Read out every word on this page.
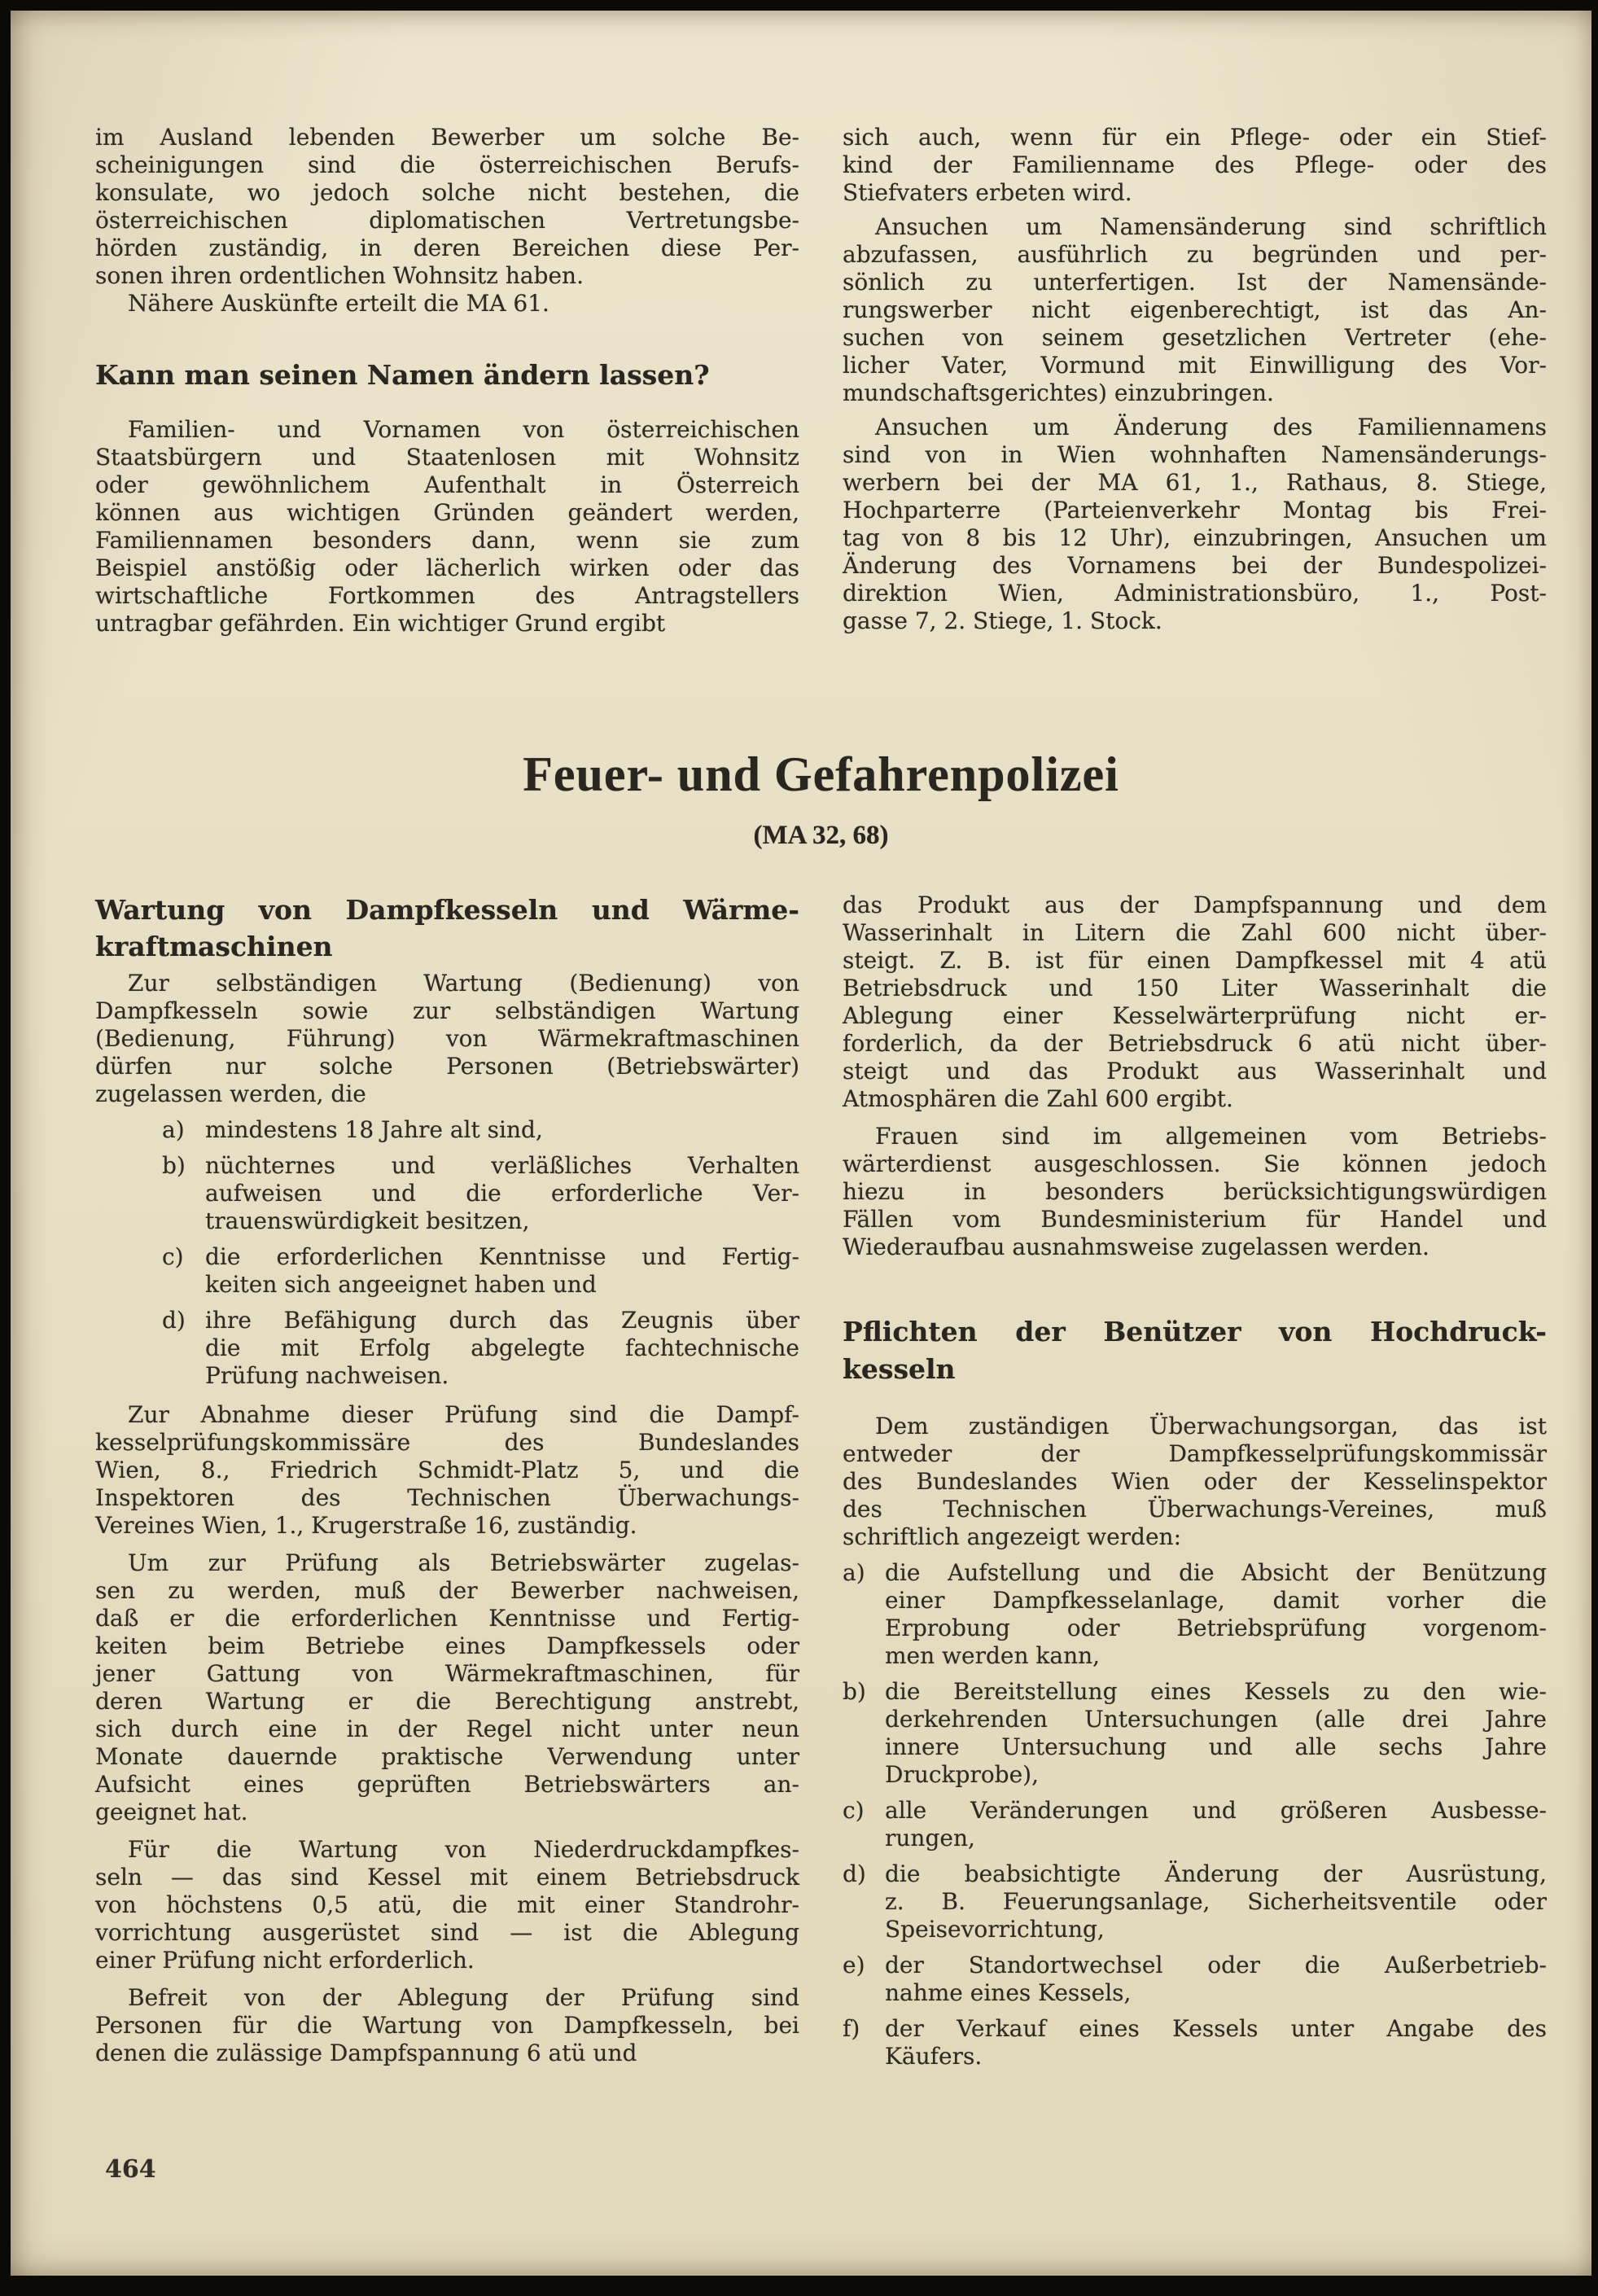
im Ausland lebenden Bewerber um solche Be-
scheinigungen sind die österreichischen Berufs-
konsulate, wo jedoch solche nicht bestehen, die
österreichischen diplomatischen Vertretungsbe-
hörden zuständig, in deren Bereichen diese Per-
sonen ihren ordentlichen Wohnsitz haben.
Nähere Auskünfte erteilt die MA 61.
Kann man seinen Namen ändern lassen?
Familien- und Vornamen von österreichischen
Staatsbürgern und Staatenlosen mit Wohnsitz
oder gewöhnlichem Aufenthalt in Österreich
können aus wichtigen Gründen geändert werden,
Familiennamen besonders dann, wenn sie zum
Beispiel anstößig oder lächerlich wirken oder das
wirtschaftliche Fortkommen des Antragstellers
untragbar gefährden. Ein wichtiger Grund ergibt
sich auch, wenn für ein Pflege- oder ein Stief-
kind der Familienname des Pflege- oder des
Stiefvaters erbeten wird.
Ansuchen um Namensänderung sind schriftlich
abzufassen, ausführlich zu begründen und per-
sönlich zu unterfertigen. Ist der Namensände-
rungswerber nicht eigenberechtigt, ist das An-
suchen von seinem gesetzlichen Vertreter (ehe-
licher Vater, Vormund mit Einwilligung des Vor-
mundschaftsgerichtes) einzubringen.
Ansuchen um Änderung des Familiennamens
sind von in Wien wohnhaften Namensänderungs-
werbern bei der MA 61, 1., Rathaus, 8. Stiege,
Hochparterre (Parteienverkehr Montag bis Frei-
tag von 8 bis 12 Uhr), einzubringen, Ansuchen um
Änderung des Vornamens bei der Bundespolizei-
direktion Wien, Administrationsbüro, 1., Post-
gasse 7, 2. Stiege, 1. Stock.
Feuer- und Gefahrenpolizei
(MA 32, 68)
Wartung von Dampfkesseln und Wärme-
kraftmaschinen
Zur selbständigen Wartung (Bedienung) von
Dampfkesseln sowie zur selbständigen Wartung
(Bedienung, Führung) von Wärmekraftmaschinen
dürfen nur solche Personen (Betriebswärter)
zugelassen werden, die
a) mindestens 18 Jahre alt sind,
b) nüchternes und verläßliches Verhalten
aufweisen und die erforderliche Ver-
trauenswürdigkeit besitzen,
c) die erforderlichen Kenntnisse und Fertig-
keiten sich angeeignet haben und
d) ihre Befähigung durch das Zeugnis über
die mit Erfolg abgelegte fachtechnische
Prüfung nachweisen.
Zur Abnahme dieser Prüfung sind die Dampf-
kesselprüfungskommissäre des Bundeslandes
Wien, 8., Friedrich Schmidt-Platz 5, und die
Inspektoren des Technischen Überwachungs-
Vereines Wien, 1., Krugerstraße 16, zuständig.
Um zur Prüfung als Betriebswärter zugelas-
sen zu werden, muß der Bewerber nachweisen,
daß er die erforderlichen Kenntnisse und Fertig-
keiten beim Betriebe eines Dampfkessels oder
jener Gattung von Wärmekraftmaschinen, für
deren Wartung er die Berechtigung anstrebt,
sich durch eine in der Regel nicht unter neun
Monate dauernde praktische Verwendung unter
Aufsicht eines geprüften Betriebswärters an-
geeignet hat.
Für die Wartung von Niederdruckdampfkes-
seln — das sind Kessel mit einem Betriebsdruck
von höchstens 0,5 atü, die mit einer Standrohr-
vorrichtung ausgerüstet sind — ist die Ablegung
einer Prüfung nicht erforderlich.
Befreit von der Ablegung der Prüfung sind
Personen für die Wartung von Dampfkesseln, bei
denen die zulässige Dampfspannung 6 atü und
das Produkt aus der Dampfspannung und dem
Wasserinhalt in Litern die Zahl 600 nicht über-
steigt. Z. B. ist für einen Dampfkessel mit 4 atü
Betriebsdruck und 150 Liter Wasserinhalt die
Ablegung einer Kesselwärterprüfung nicht er-
forderlich, da der Betriebsdruck 6 atü nicht über-
steigt und das Produkt aus Wasserinhalt und
Atmosphären die Zahl 600 ergibt.
Frauen sind im allgemeinen vom Betriebs-
wärterdienst ausgeschlossen. Sie können jedoch
hiezu in besonders berücksichtigungswürdigen
Fällen vom Bundesministerium für Handel und
Wiederaufbau ausnahmsweise zugelassen werden.
Pflichten der Benützer von Hochdruck-
kesseln
Dem zuständigen Überwachungsorgan, das ist
entweder der Dampfkesselprüfungskommissär
des Bundeslandes Wien oder der Kesselinspektor
des Technischen Überwachungs-Vereines, muß
schriftlich angezeigt werden:
a) die Aufstellung und die Absicht der Benützung
einer Dampfkesselanlage, damit vorher die
Erprobung oder Betriebsprüfung vorgenom-
men werden kann,
b) die Bereitstellung eines Kessels zu den wie-
derkehrenden Untersuchungen (alle drei Jahre
innere Untersuchung und alle sechs Jahre
Druckprobe),
c) alle Veränderungen und größeren Ausbesse-
rungen,
d) die beabsichtigte Änderung der Ausrüstung,
z. B. Feuerungsanlage, Sicherheitsventile oder
Speisevorrichtung,
e) der Standortwechsel oder die Außerbetrieb-
nahme eines Kessels,
f)	der Verkauf eines Kessels unter Angabe des
Käufers.
464
